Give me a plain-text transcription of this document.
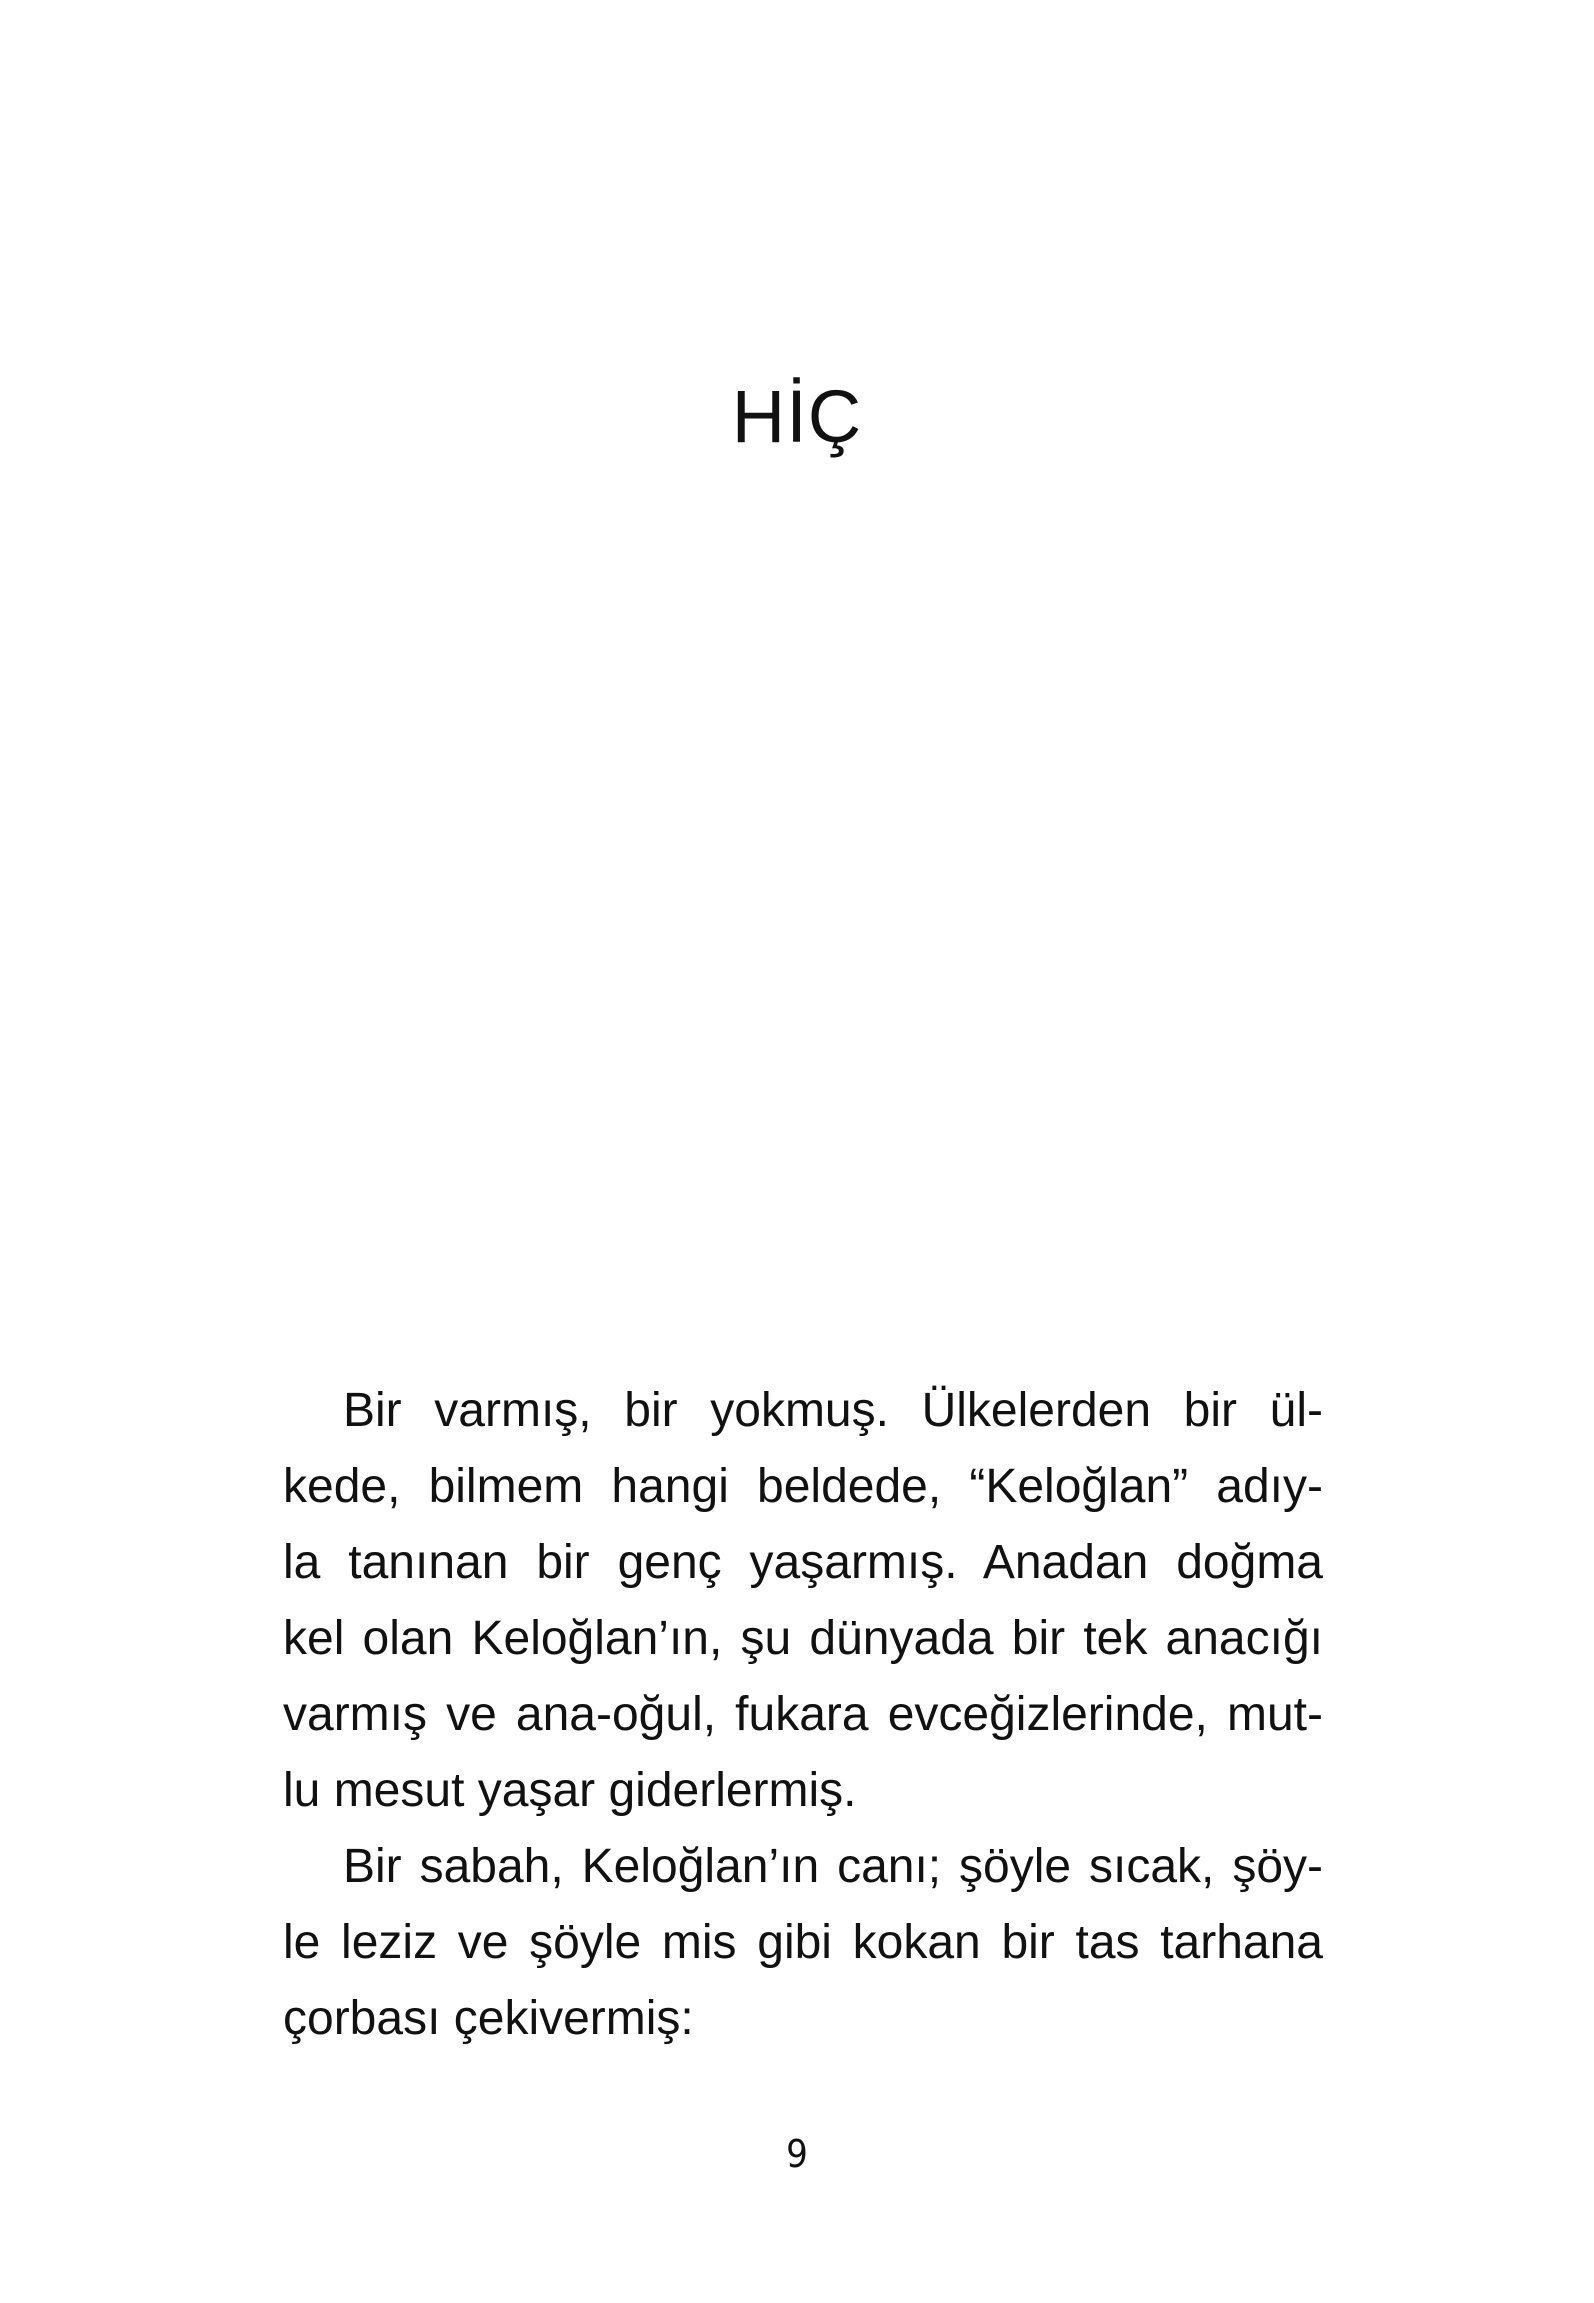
HİÇ
Bir varmış, bir yokmuş. Ülkelerden bir ül-
kede, bilmem hangi beldede, “Keloğlan” adıy-
la tanınan bir genç yaşarmış. Anadan doğma
kel olan Keloğlan’ın, şu dünyada bir tek anacığı
varmış ve ana-oğul, fukara evceğizlerinde, mut-
lu mesut yaşar giderlermiş.
Bir sabah, Keloğlan’ın canı; şöyle sıcak, şöy-
le leziz ve şöyle mis gibi kokan bir tas tarhana
çorbası çekivermiş:
9
